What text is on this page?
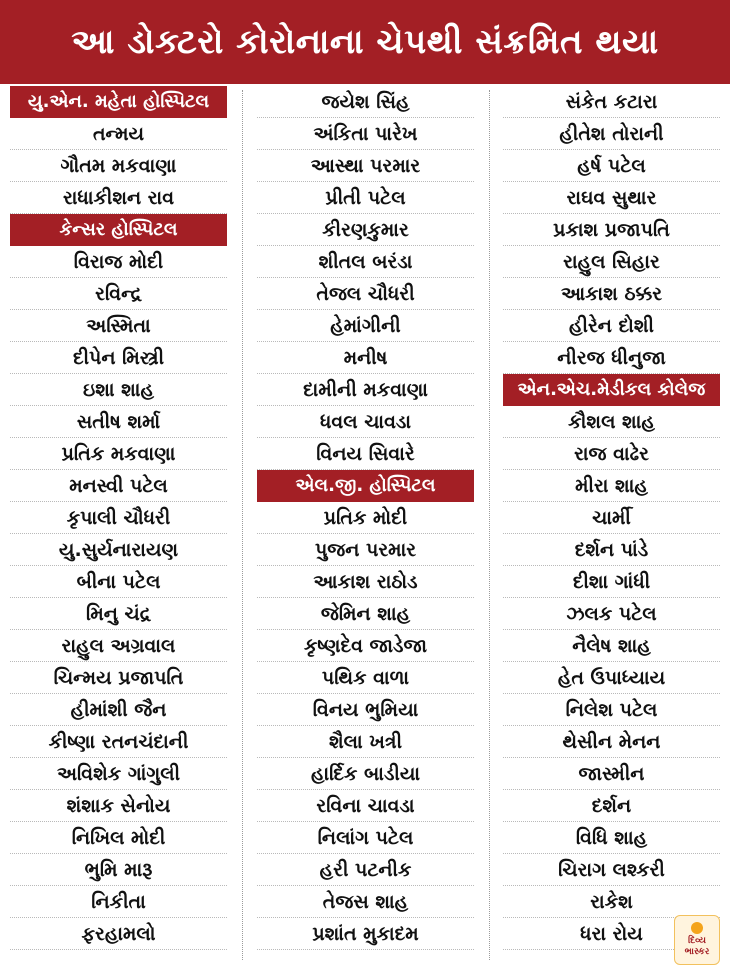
આ ડોક્ટરો કોરોનાના ચેપથી સંક્રમિત થયા
યુ.એન. મહેતા હોસ્પિટલ
તન્મય
ગૌતમ મકવાણા
રાધાકીશન રાવ
કેન્સર હોસ્પિટલ
વિરાજ મોદી
રવિન્દ્ર
અસ્મિતા
દીપેન મિસ્ત્રી
ઇશા શાહ
સતીષ શર્મા
પ્રતિક મકવાણા
મનસ્વી પટેલ
કૃપાલી ચૌધરી
યુ.સુર્યનારાયણ
બીના પટેલ
મિનુ ચંદ્ર
રાહુલ અગ્રવાલ
ચિન્મય પ્રજાપતિ
હીમાંશી જૈન
કીષ્ણા રતનચંદાની
અવિશેક ગાંગુલી
શંશાક સેનોય
નિખિલ મોદી
ભુમિ મારૂ
નિકીતા
ફરહામલો
જયેશ સિંહ
અંકિતા પારેખ
આસ્થા પરમાર
પ્રીતી પટેલ
કીરણકુમાર
શીતલ બરંડા
તેજલ ચૌધરી
હેમાંગીની
મનીષ
દામીની મકવાણા
ધવલ ચાવડા
વિનય સિવારે
એલ.જી. હોસ્પિટલ
પ્રતિક મોદી
પુજન પરમાર
આકાશ રાઠોડ
જેમિન શાહ
કૃષ્ણદેવ જાડેજા
પથિક વાળા
વિનય ભુમિયા
શૈલા ખત્રી
હાર્દિક બાડીયા
રવિના ચાવડા
નિલાંગ પટેલ
હરી પટનીક
તેજસ શાહ
પ્રશાંત મુકાદમ
સંકેત કટારા
હીતેશ તોરાની
હર્ષ પટેલ
રાઘવ સુથાર
પ્રકાશ પ્રજાપતિ
રાહુલ સિહાર
આકાશ ઠક્કર
હીરેન દોશી
નીરજ ધીનુજા
એન.એચ.મેડીકલ કોલેજ
કૌશલ શાહ
રાજ વાઢેર
મીરા શાહ
ચાર્મી
દર્શન પાંડે
દીશા ગાંધી
ઝલક પટેલ
નૈલેષ શાહ
હેત ઉપાધ્યાય
નિલેશ પટેલ
થેસીન મેનન
જાસ્મીન
દર્શન
વિધિ શાહ
ચિરાગ લશ્કરી
રાકેશ
ધરા રોય	દિવ્ય
ભાસ્કર
